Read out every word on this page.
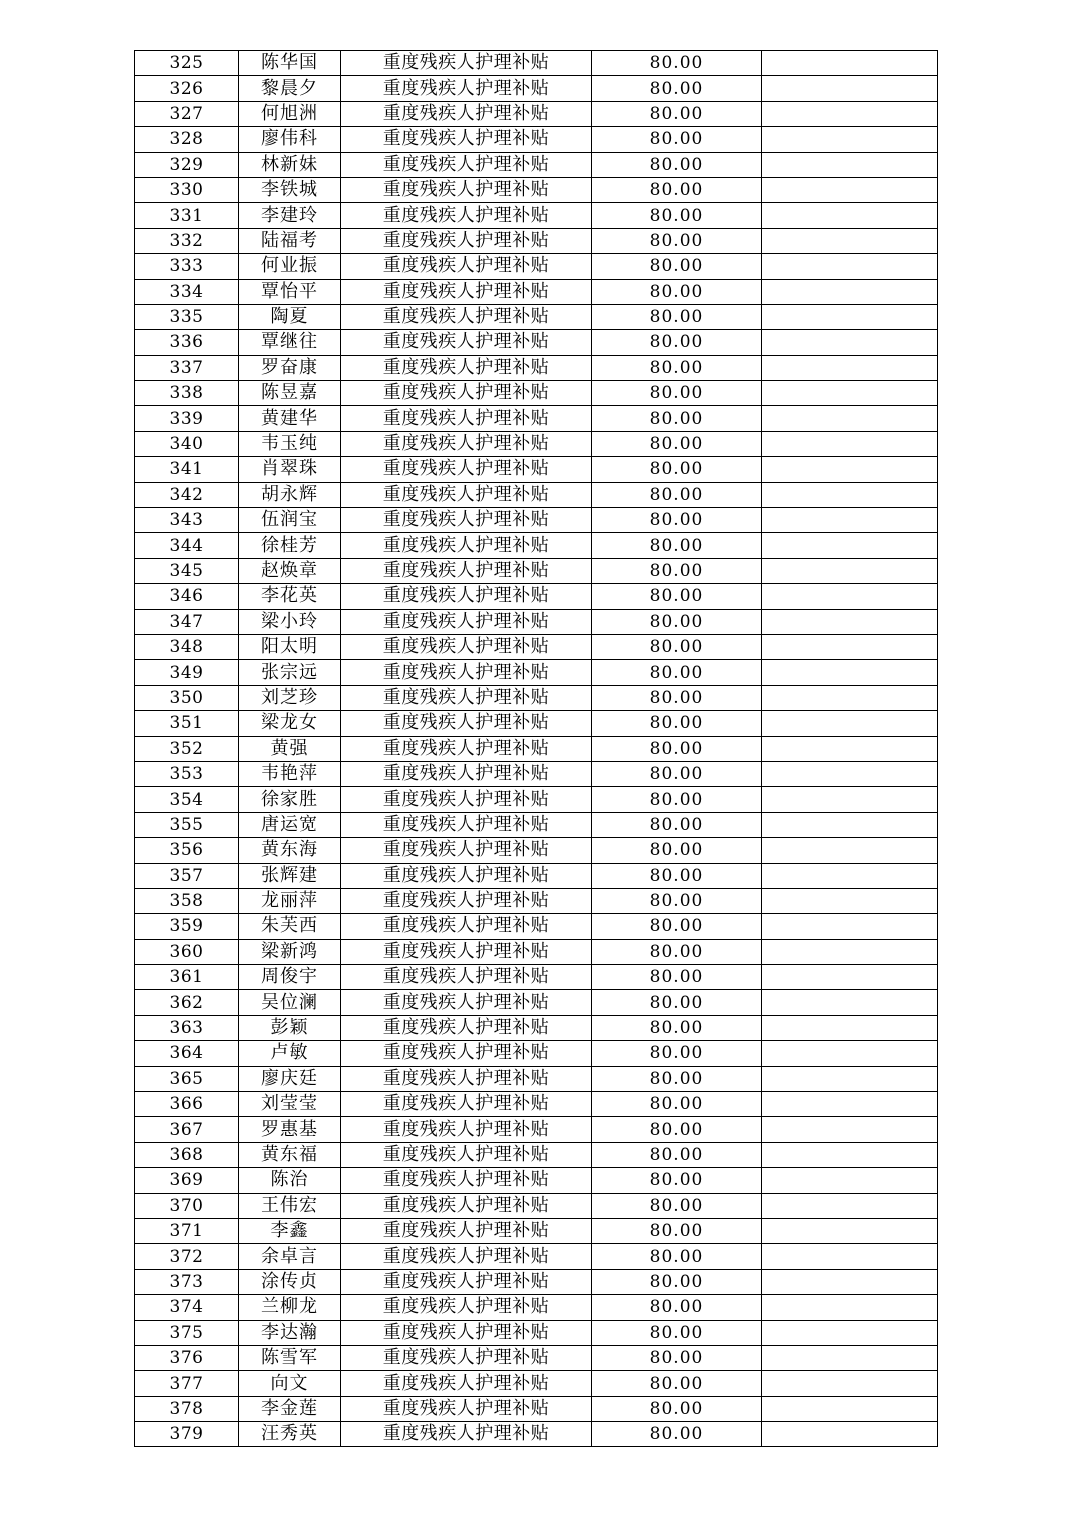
325	陈华国	重度残疾人护理补贴	80.00	
326	黎晨夕	重度残疾人护理补贴	80.00	
327	何旭洲	重度残疾人护理补贴	80.00	
328	廖伟科	重度残疾人护理补贴	80.00	
329	林新妹	重度残疾人护理补贴	80.00	
330	李铁城	重度残疾人护理补贴	80.00	
331	李建玲	重度残疾人护理补贴	80.00	
332	陆福考	重度残疾人护理补贴	80.00	
333	何业振	重度残疾人护理补贴	80.00	
334	覃怡平	重度残疾人护理补贴	80.00	
335	陶夏	重度残疾人护理补贴	80.00	
336	覃继往	重度残疾人护理补贴	80.00	
337	罗奋康	重度残疾人护理补贴	80.00	
338	陈昱嘉	重度残疾人护理补贴	80.00	
339	黄建华	重度残疾人护理补贴	80.00	
340	韦玉纯	重度残疾人护理补贴	80.00	
341	肖翠珠	重度残疾人护理补贴	80.00	
342	胡永辉	重度残疾人护理补贴	80.00	
343	伍润宝	重度残疾人护理补贴	80.00	
344	徐桂芳	重度残疾人护理补贴	80.00	
345	赵焕章	重度残疾人护理补贴	80.00	
346	李花英	重度残疾人护理补贴	80.00	
347	梁小玲	重度残疾人护理补贴	80.00	
348	阳太明	重度残疾人护理补贴	80.00	
349	张宗远	重度残疾人护理补贴	80.00	
350	刘芝珍	重度残疾人护理补贴	80.00	
351	梁龙女	重度残疾人护理补贴	80.00	
352	黄强	重度残疾人护理补贴	80.00	
353	韦艳萍	重度残疾人护理补贴	80.00	
354	徐家胜	重度残疾人护理补贴	80.00	
355	唐运宽	重度残疾人护理补贴	80.00	
356	黄东海	重度残疾人护理补贴	80.00	
357	张辉建	重度残疾人护理补贴	80.00	
358	龙丽萍	重度残疾人护理补贴	80.00	
359	朱芙西	重度残疾人护理补贴	80.00	
360	梁新鸿	重度残疾人护理补贴	80.00	
361	周俊宇	重度残疾人护理补贴	80.00	
362	吴位澜	重度残疾人护理补贴	80.00	
363	彭颖	重度残疾人护理补贴	80.00	
364	卢敏	重度残疾人护理补贴	80.00	
365	廖庆廷	重度残疾人护理补贴	80.00	
366	刘莹莹	重度残疾人护理补贴	80.00	
367	罗惠基	重度残疾人护理补贴	80.00	
368	黄东福	重度残疾人护理补贴	80.00	
369	陈治	重度残疾人护理补贴	80.00	
370	王伟宏	重度残疾人护理补贴	80.00	
371	李鑫	重度残疾人护理补贴	80.00	
372	余卓言	重度残疾人护理补贴	80.00	
373	涂传贞	重度残疾人护理补贴	80.00	
374	兰柳龙	重度残疾人护理补贴	80.00	
375	李达瀚	重度残疾人护理补贴	80.00	
376	陈雪军	重度残疾人护理补贴	80.00	
377	向文	重度残疾人护理补贴	80.00	
378	李金莲	重度残疾人护理补贴	80.00	
379	汪秀英	重度残疾人护理补贴	80.00	
